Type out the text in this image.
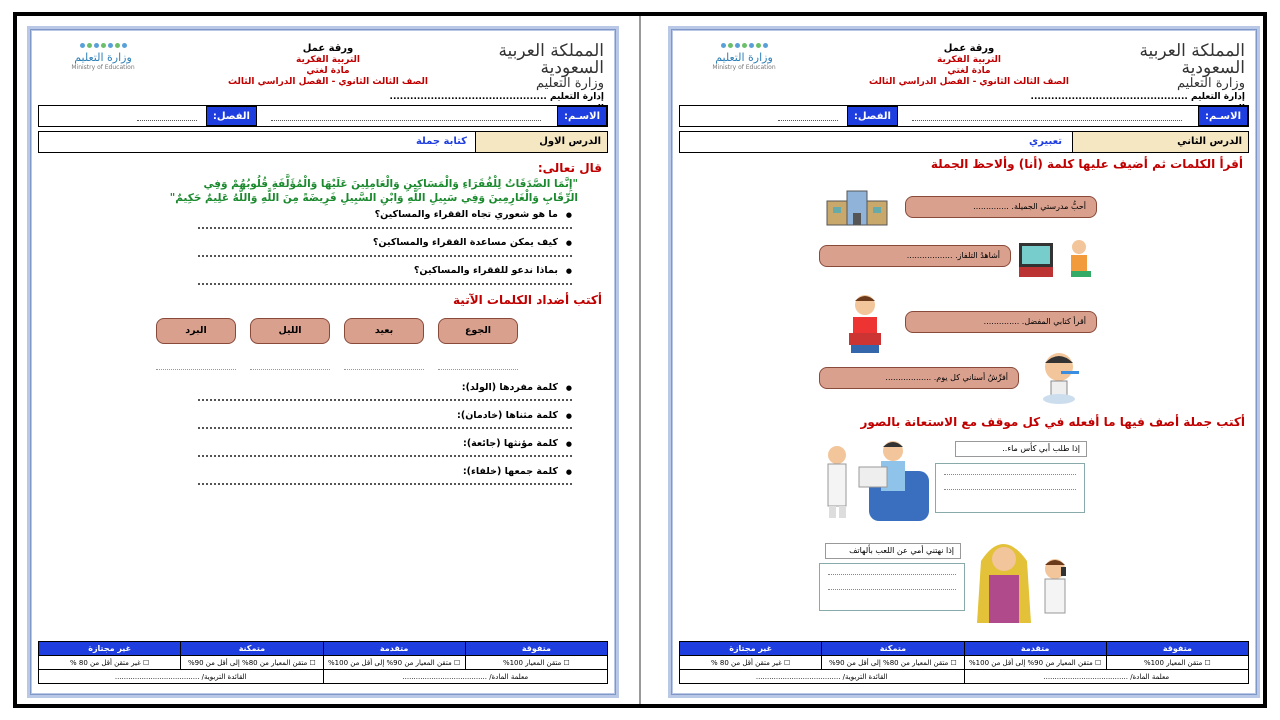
المملكة العربية السعودية
وزارة التعليم
إدارة التعليم ..............................................
ورقة عمل
التربية الفكرية
مادة لغتي
الصف الثالث الثانوي - الفصل الدراسي الثالث
وزارة التعليم
Ministry of Education
الاسـم:
الفصل:
الدرس الاول
كتابة جملة
قال تعالى:
"إِنَّمَا الصَّدَقَاتُ لِلْفُقَرَاءِ وَالْمَسَاكِينِ وَالْعَامِلِينَ عَلَيْهَا وَالْمُؤَلَّفَةِ قُلُوبُهُمْ وَفِي
الرِّقَابِ وَالْغَارِمِينَ وَفِي سَبِيلِ اللَّهِ وَابْنِ السَّبِيلِ فَرِيضَةً مِنَ اللَّهِ وَاللَّهُ عَلِيمٌ حَكِيمٌ"
● ما هو شعوري تجاه الفقراء والمساكين؟
● كيف يمكن مساعدة الفقراء والمساكين؟
● بماذا ندعو للفقراء والمساكين؟
أكتب أضداد الكلمات الآتية
الجوع
بعيد
الليل
البرد
● كلمة مفردها (الولد):
● كلمة مثناها (خادمان):
● كلمة مؤنثها (جائعة):
● كلمة جمعها (خلفاء):
متفوقة	متقدمة	متمكنة	غير مجتازة
☐ متقن المعيار 100%	☐ متقن المعيار من 90% إلى أقل من 100%	☐ متقن المعيار من 80% إلى أقل من 90%	☐ غير متقن أقل من 80 %
معلمة المادة/ ......................................		القائدة التربوية/ ......................................	
المملكة العربية السعودية
وزارة التعليم
إدارة التعليم ..............................................
ورقة عمل
التربية الفكرية
مادة لغتي
الصف الثالث الثانوي - الفصل الدراسي الثالث
وزارة التعليم
Ministry of Education
الاسـم:
الفصل:
الدرس الثاني
تعبيري
أقرأ الكلمات ثم أضيف عليها كلمة (أنا) وألاحظ الجملة
أحبُّ مدرستي الجميلة. ..............
أشاهدُ التلفاز. ..................
أقرأ كتابي المفضل. ..............
أفرِّشُ أسناني كل يوم. ..................
أكتب جملة أصف فيها ما أفعله في كل موقف مع الاستعانة بالصور
إذا طلب أبي كأس ماء..
إذا نهتني أمي عن اللعب بألهاتف
متفوقة	متقدمة	متمكنة	غير مجتازة
☐ متقن المعيار 100%	☐ متقن المعيار من 90% إلى أقل من 100%	☐ متقن المعيار من 80% إلى أقل من 90%	☐ غير متقن أقل من 80 %
معلمة المادة/ ......................................		القائدة التربوية/ ......................................	
